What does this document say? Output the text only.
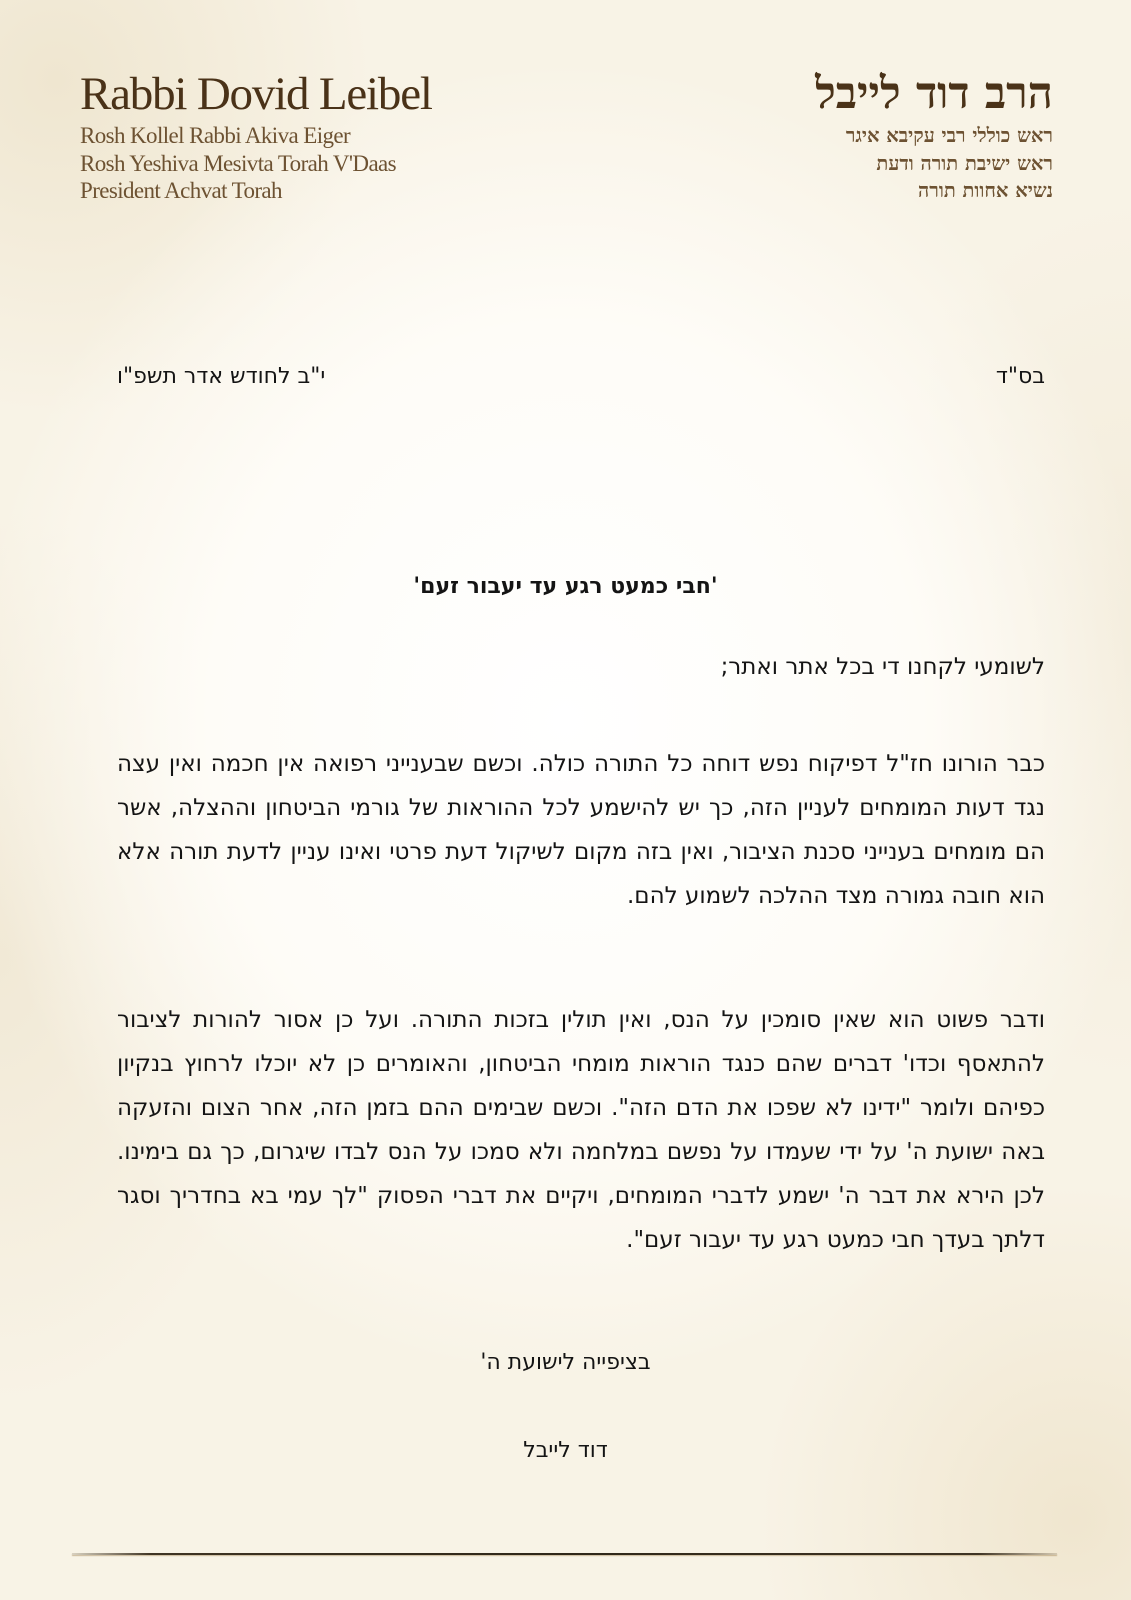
Rabbi Dovid Leibel
Rosh Kollel Rabbi Akiva Eiger
Rosh Yeshiva Mesivta Torah V'Daas
President Achvat Torah
הרב דוד לייבל
ראש כוללי רבי עקיבא איגר
ראש ישיבת תורה ודעת
נשיא אחוות תורה
בס"ד
י"ב לחודש אדר תשפ"ו
'חבי כמעט רגע עד יעבור זעם'
לשומעי לקחנו די בכל אתר ואתר;
כבר הורונו חז"ל דפיקוח נפש דוחה כל התורה כולה. וכשם שבענייני רפואה אין חכמה ואין עצה נגד דעות המומחים לעניין הזה, כך יש להישמע לכל ההוראות של גורמי הביטחון וההצלה, אשר הם מומחים בענייני סכנת הציבור, ואין בזה מקום לשיקול דעת פרטי ואינו עניין לדעת תורה אלא הוא חובה גמורה מצד ההלכה לשמוע להם.
ודבר פשוט הוא שאין סומכין על הנס, ואין תולין בזכות התורה. ועל כן אסור להורות לציבור להתאסף וכדו' דברים שהם כנגד הוראות מומחי הביטחון, והאומרים כן לא יוכלו לרחוץ בנקיון כפיהם ולומר "ידינו לא שפכו את הדם הזה". וכשם שבימים ההם בזמן הזה, אחר הצום והזעקה באה ישועת ה' על ידי שעמדו על נפשם במלחמה ולא סמכו על הנס לבדו שיגרום, כך גם בימינו. לכן הירא את דבר ה' ישמע לדברי המומחים, ויקיים את דברי הפסוק "לך עמי בא בחדריך וסגר דלתך בעדך חבי כמעט רגע עד יעבור זעם".
בציפייה לישועת ה'
דוד לייבל
